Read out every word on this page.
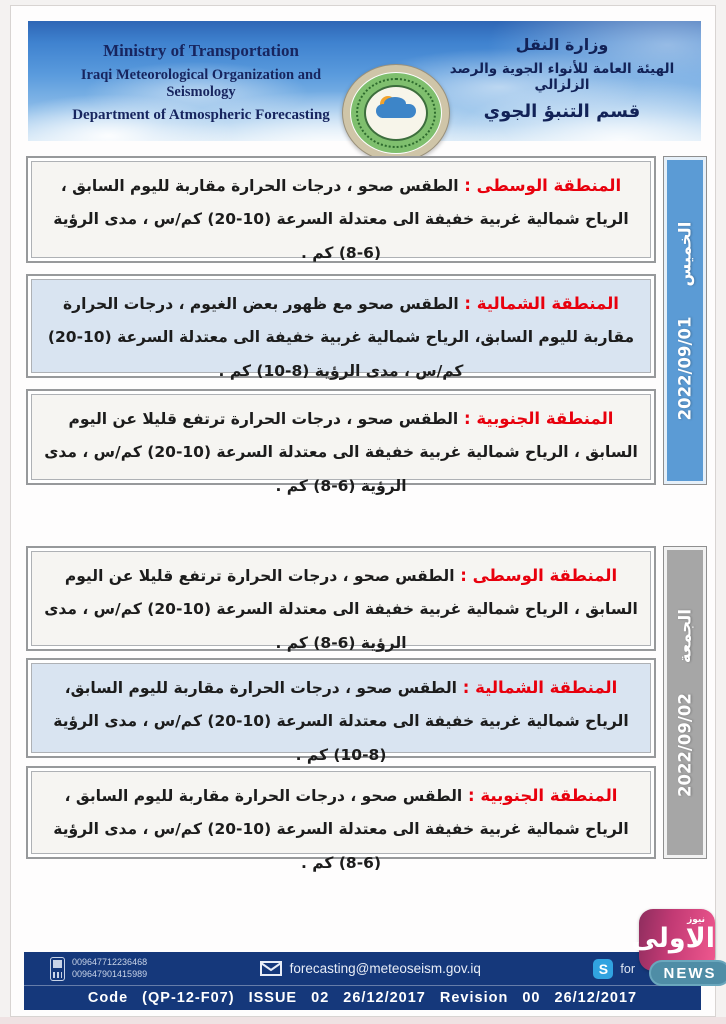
Ministry of Transportation
Iraqi Meteorological Organization and Seismology
Department of Atmospheric Forecasting
وزارة النقل
الهيئة العامة للأنواء الجوية والرصد الزلزالي
قسم التنبؤ الجوي
المنطقة الوسطى : الطقس صحو ، درجات الحرارة مقاربة لليوم السابق ، الرياح شمالية غربية خفيفة الى معتدلة السرعة (10-20) كم/س ، مدى الرؤية (6-8) كم .
المنطقة الشمالية : الطقس صحو مع ظهور بعض الغيوم ، درجات الحرارة مقاربة لليوم السابق، الرياح شمالية غربية خفيفة الى معتدلة السرعة (10-20) كم/س ، مدى الرؤية (8-10) كم .
المنطقة الجنوبية : الطقس صحو ، درجات الحرارة ترتفع قليلا عن اليوم السابق ، الرياح شمالية غربية خفيفة الى معتدلة السرعة (10-20) كم/س ، مدى الرؤية (6-8) كم .
الخميس2022/09/01
المنطقة الوسطى : الطقس صحو ، درجات الحرارة ترتفع قليلا عن اليوم السابق ، الرياح شمالية غربية خفيفة الى معتدلة السرعة (10-20) كم/س ، مدى الرؤية (6-8) كم .
المنطقة الشمالية : الطقس صحو ، درجات الحرارة مقاربة لليوم السابق، الرياح شمالية غربية خفيفة الى معتدلة السرعة (10-20) كم/س ، مدى الرؤية (8-10) كم .
المنطقة الجنوبية : الطقس صحو ، درجات الحرارة مقاربة لليوم السابق ، الرياح شمالية غربية خفيفة الى معتدلة السرعة (10-20) كم/س ، مدى الرؤية (6-8) كم .
الجمعة2022/09/02
009647712236468
009647901415989	forecasting@meteoseism.gov.iq	S for
Code (QP-12-F07) ISSUE 02 26/12/2017 Revision 00 26/12/2017
نيوز
الاولى
NEWS
